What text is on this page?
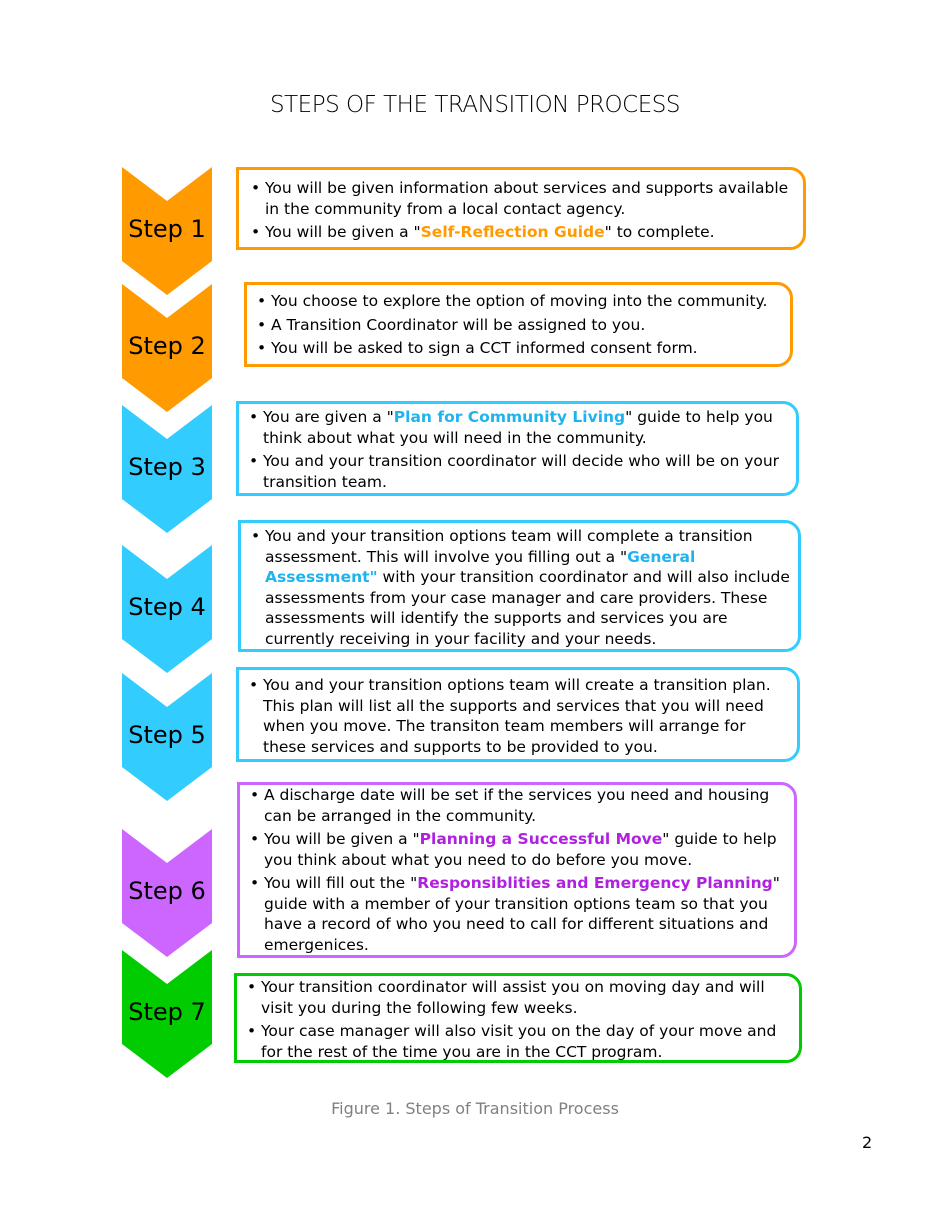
STEPS OF THE TRANSITION PROCESS
Step 1
• You will be given information about services and supports available in the community from a local contact agency.
• You will be given a "Self-Reflection Guide" to complete.
Step 2
• You choose to explore the option of moving into the community.
• A Transition Coordinator will be assigned to you.
• You will be asked to sign a CCT informed consent form.
Step 3
• You are given a "Plan for Community Living" guide to help you think about what you will need in the community.
• You and your transition coordinator will decide who will be on your transition team.
Step 4
• You and your transition options team will complete a transition assessment. This will involve you filling out a "General Assessment" with your transition coordinator and will also include assessments from your case manager and care providers. These assessments will identify the supports and services you are currently receiving in your facility and your needs.
Step 5
• You and your transition options team will create a transition plan. This plan will list all the supports and services that you will need when you move. The transiton team members will arrange for these services and supports to be provided to you.
Step 6
• A discharge date will be set if the services you need and housing can be arranged in the community.
• You will be given a "Planning a Successful Move" guide to help you think about what you need to do before you move.
• You will fill out the "Responsiblities and Emergency Planning" guide with a member of your transition options team so that you have a record of who you need to call for different situations and emergenices.
Step 7
• Your transition coordinator will assist you on moving day and will visit you during the following few weeks.
• Your case manager will also visit you on the day of your move and for the rest of the time you are in the CCT program.
Figure 1. Steps of Transition Process
2
